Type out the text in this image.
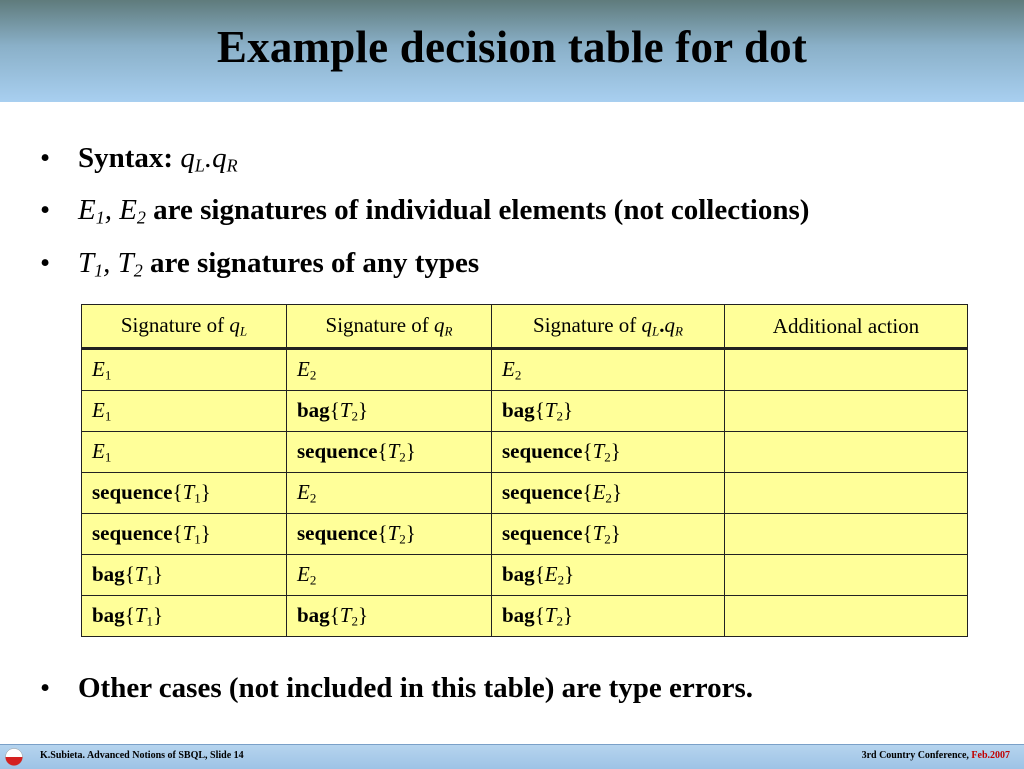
Example decision table for dot
• Syntax: $q_L.q_R$
• $E_1$, $E_2$ are signatures of individual elements (not collections)
• $T_1$, $T_2$ are signatures of any types
Signature of $q_L$	Signature of $q_R$	Signature of $q_L.q_R$	Additional action
$E_1$	$E_2$	$E_2$	
$E_1$	$bag\{T_2\}$	$bag\{T_2\}$	
$E_1$	$sequence\{T_2\}$	$sequence\{T_2\}$	
$sequence\{T_1\}$	$E_2$	$sequence\{E_2\}$	
$sequence\{T_1\}$	$sequence\{T_2\}$	$sequence\{T_2\}$	
$bag\{T_1\}$	$E_2$	$bag\{E_2\}$	
$bag\{T_1\}$	$bag\{T_2\}$	$bag\{T_2\}$	
• Other cases (not included in this table) are type errors.
K.Subieta. Advanced Notions of SBQL, Slide 14	3rd Country Conference, Feb.2007
